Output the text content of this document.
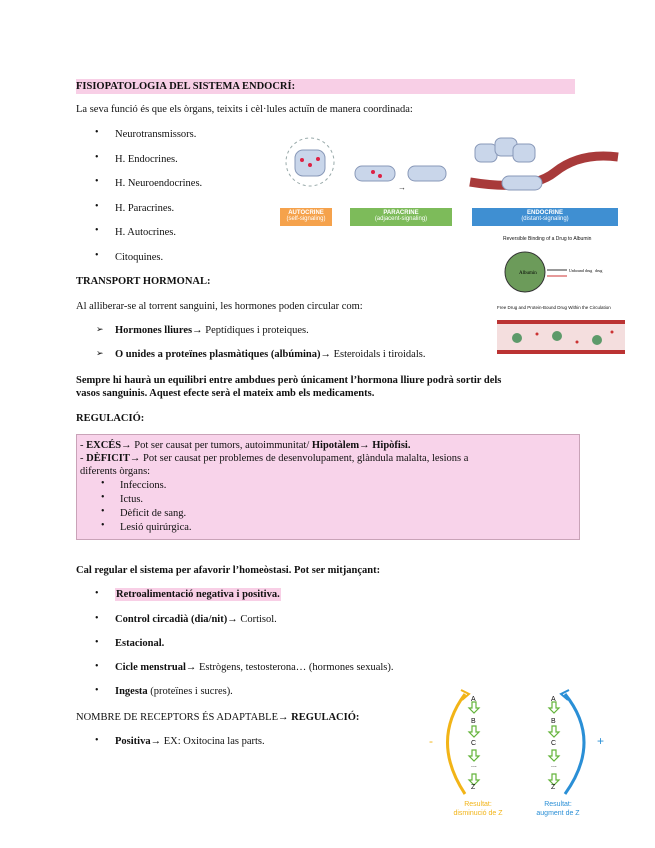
FISIOPATOLOGIA DEL SISTEMA ENDOCRÍ:
La seva funció és que els òrgans, teixits i cèl·lules actuïn de manera coordinada:
• Neurotransmissors.
• H. Endocrines.
• H. Neuroendocrines.
• H. Paracrines.
• H. Autocrines.
• Citoquines.
→
AUTOCRINE
(self-signaling)
PARACRINE
(adjacent-signaling)
ENDOCRINE
(distant-signaling)
Reversible Binding of a Drug to Albumin
Albumin
Unbound drug drug
Free Drug and Protein-Bound Drug Within the Circulation
TRANSPORT HORMONAL:
Al alliberar-se al torrent sanguini, les hormones poden circular com:
➢ Hormones lliures→ Peptídiques i proteiques.
➢ O unides a proteïnes plasmàtiques (albúmina)→ Esteroidals i tiroidals.
Sempre hi haurà un equilibri entre ambdues però únicament l’hormona lliure podrà sortir dels
vasos sanguinis. Aquest efecte serà el mateix amb els medicaments.
REGULACIÓ:
- EXCÉS→ Pot ser causat per tumors, autoimmunitat/ Hipotàlem→ Hipòfisi.
- DÈFICIT→ Pot ser causat per problemes de desenvolupament, glàndula malalta, lesions a
diferents òrgans:
• Infeccions.
• Ictus.
• Dèficit de sang.
• Lesió quirúrgica.
Cal regular el sistema per afavorir l’homeòstasi. Pot ser mitjançant:
• Retroalimentació negativa i positiva.
• Control circadià (dia/nit)→ Cortisol.
• Estacional.
• Cicle menstrual→ Estrògens, testosterona… (hormones sexuals).
• Ingesta (proteïnes i sucres).
NOMBRE DE RECEPTORS ÉS ADAPTABLE→ REGULACIÓ:
• Positiva→ EX: Oxitocina las parts.
A
B
C
...
Z
A
B
C
...
Z
-	+
Resultat:
disminució de Z
Resultat:
augment de Z
